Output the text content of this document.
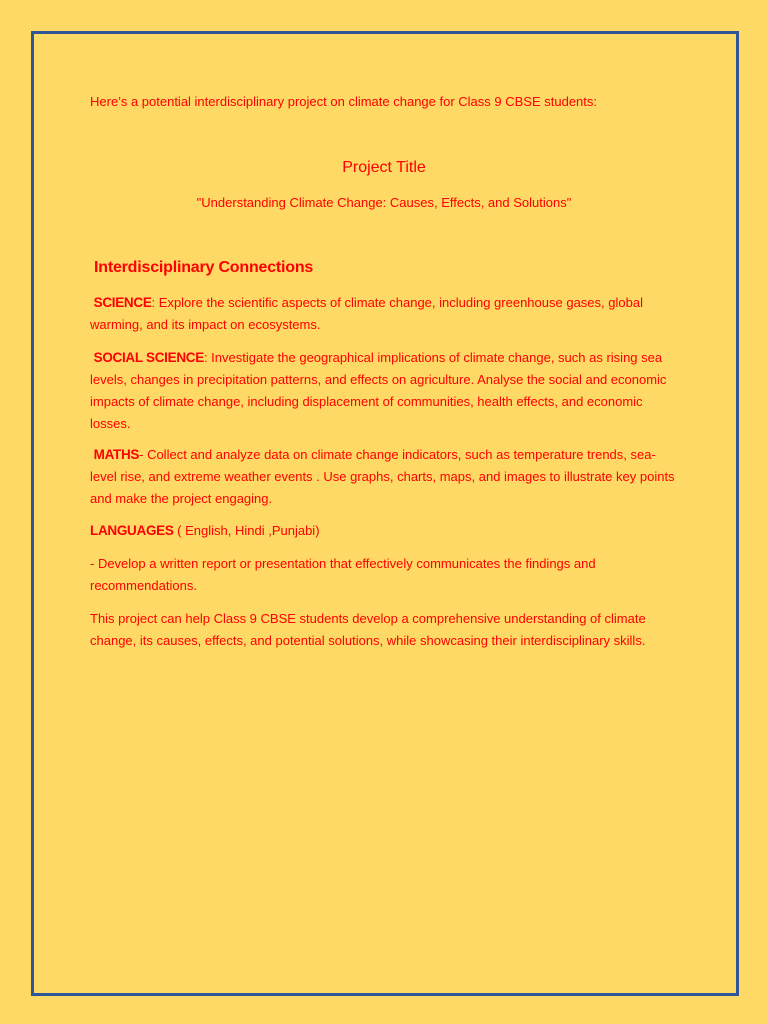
Here’s a potential interdisciplinary project on climate change for Class 9 CBSE students:

Project Title

"Understanding Climate Change: Causes, Effects, and Solutions"

Interdisciplinary Connections

SCIENCE: Explore the scientific aspects of climate change, including greenhouse gases, global warming, and its impact on ecosystems.

SOCIAL SCIENCE: Investigate the geographical implications of climate change, such as rising sea levels, changes in precipitation patterns, and effects on agriculture. Analyse the social and economic impacts of climate change, including displacement of communities, health effects, and economic losses.

MATHS- Collect and analyze data on climate change indicators, such as temperature trends, sea-level rise, and extreme weather events . Use graphs, charts, maps, and images to illustrate key points and make the project engaging.

LANGUAGES ( English, Hindi ,Punjabi)

- Develop a written report or presentation that effectively communicates the findings and recommendations.

This project can help Class 9 CBSE students develop a comprehensive understanding of climate change, its causes, effects, and potential solutions, while showcasing their interdisciplinary skills.
